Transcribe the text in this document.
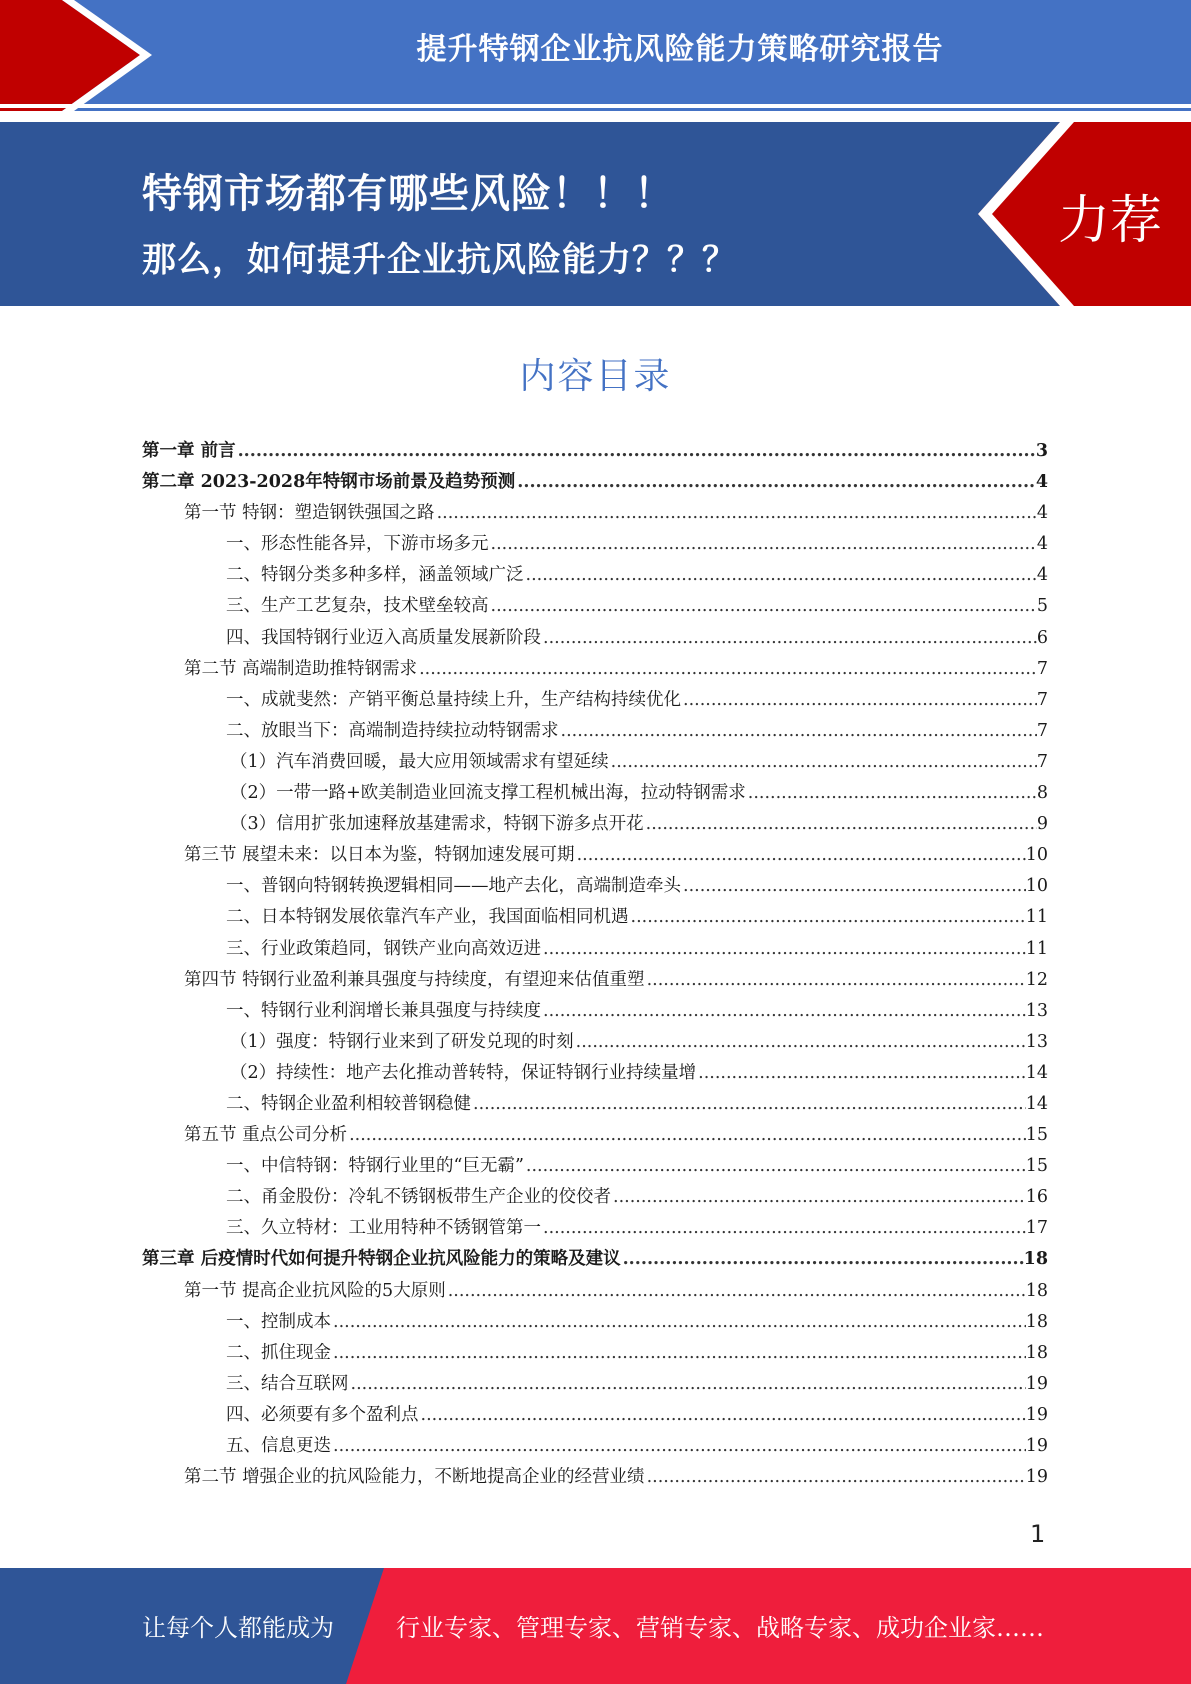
提升特钢企业抗风险能力策略研究报告
特钢市场都有哪些风险！！！
那么，如何提升企业抗风险能力？？？
力荐
内容目录
第一章 前言 .....	3
第二章 2023-2028年特钢市场前景及趋势预测 .....	4
第一节 特钢：塑造钢铁强国之路 .....	4
一、形态性能各异，下游市场多元 .....	4
二、特钢分类多种多样，涵盖领域广泛 .....	4
三、生产工艺复杂，技术壁垒较高 .....	5
四、我国特钢行业迈入高质量发展新阶段 .....	6
第二节 高端制造助推特钢需求 .....	7
一、成就斐然：产销平衡总量持续上升，生产结构持续优化 .....	7
二、放眼当下：高端制造持续拉动特钢需求 .....	7
（1）汽车消费回暖，最大应用领域需求有望延续 .....	7
（2）一带一路+欧美制造业回流支撑工程机械出海，拉动特钢需求 .....	8
（3）信用扩张加速释放基建需求，特钢下游多点开花 .....	9
第三节 展望未来：以日本为鉴，特钢加速发展可期 .....	10
一、普钢向特钢转换逻辑相同——地产去化，高端制造牵头 .....	10
二、日本特钢发展依靠汽车产业，我国面临相同机遇 .....	11
三、行业政策趋同，钢铁产业向高效迈进 .....	11
第四节 特钢行业盈利兼具强度与持续度，有望迎来估值重塑 .....	12
一、特钢行业利润增长兼具强度与持续度 .....	13
（1）强度：特钢行业来到了研发兑现的时刻 .....	13
（2）持续性：地产去化推动普转特，保证特钢行业持续量增 .....	14
二、特钢企业盈利相较普钢稳健 .....	14
第五节 重点公司分析 .....	15
一、中信特钢：特钢行业里的“巨无霸” .....	15
二、甬金股份：冷轧不锈钢板带生产企业的佼佼者 .....	16
三、久立特材：工业用特种不锈钢管第一 .....	17
第三章 后疫情时代如何提升特钢企业抗风险能力的策略及建议 .....	18
第一节 提高企业抗风险的5大原则 .....	18
一、控制成本 .....	18
二、抓住现金 .....	18
三、结合互联网 .....	19
四、必须要有多个盈利点 .....	19
五、信息更迭 .....	19
第二节 增强企业的抗风险能力，不断地提高企业的经营业绩 .....	19
1
让每个人都能成为	行业专家、管理专家、营销专家、战略专家、成功企业家……
